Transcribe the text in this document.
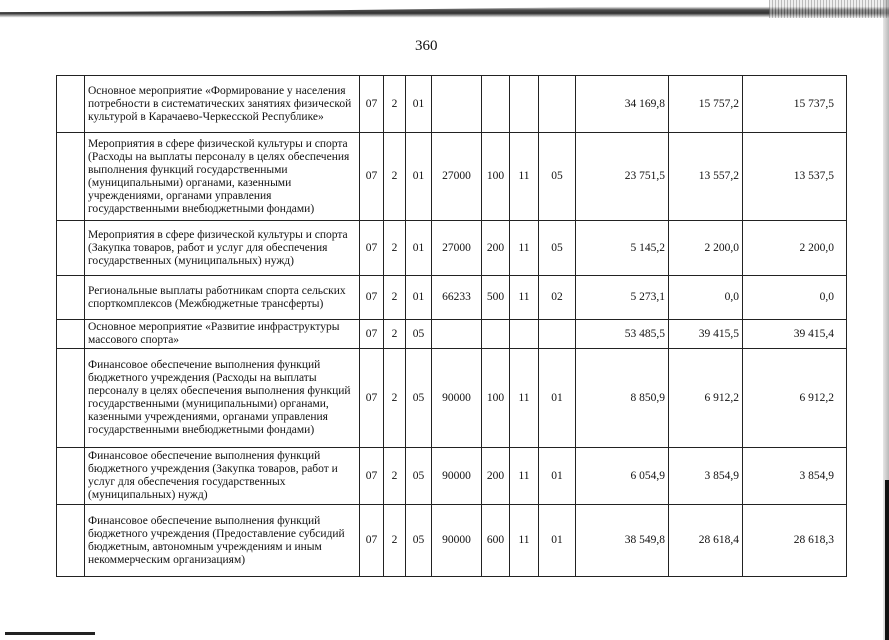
360
	Основное мероприятие «Формирование у населения потребности в систематических занятиях физической культурой в Карачаево-Черкесской Республике»	07	2	01					34 169,8	15 757,2	15 737,5
	Мероприятия в сфере физической культуры и спорта (Расходы на выплаты персоналу в целях обеспечения выполнения функций государственными (муниципальными) органами, казенными учреждениями, органами управления государственными внебюджетными фондами)	07	2	01	27000	100	11	05	23 751,5	13 557,2	13 537,5
	Мероприятия в сфере физической культуры и спорта (Закупка товаров, работ и услуг для обеспечения государственных (муниципальных) нужд)	07	2	01	27000	200	11	05	5 145,2	2 200,0	2 200,0
	Региональные выплаты работникам спорта сельских спорткомплексов (Межбюджетные трансферты)	07	2	01	66233	500	11	02	5 273,1	0,0	0,0
	Основное мероприятие «Развитие инфраструктуры массового спорта»	07	2	05					53 485,5	39 415,5	39 415,4
	Финансовое обеспечение выполнения функций бюджетного учреждения (Расходы на выплаты персоналу в целях обеспечения выполнения функций государственными (муниципальными) органами, казенными учреждениями, органами управления государственными внебюджетными фондами)	07	2	05	90000	100	11	01	8 850,9	6 912,2	6 912,2
	Финансовое обеспечение выполнения функций бюджетного учреждения (Закупка товаров, работ и услуг для обеспечения государственных (муниципальных) нужд)	07	2	05	90000	200	11	01	6 054,9	3 854,9	3 854,9
	Финансовое обеспечение выполнения функций бюджетного учреждения (Предоставление субсидий бюджетным, автономным учреждениям и иным некоммерческим организациям)	07	2	05	90000	600	11	01	38 549,8	28 618,4	28 618,3
